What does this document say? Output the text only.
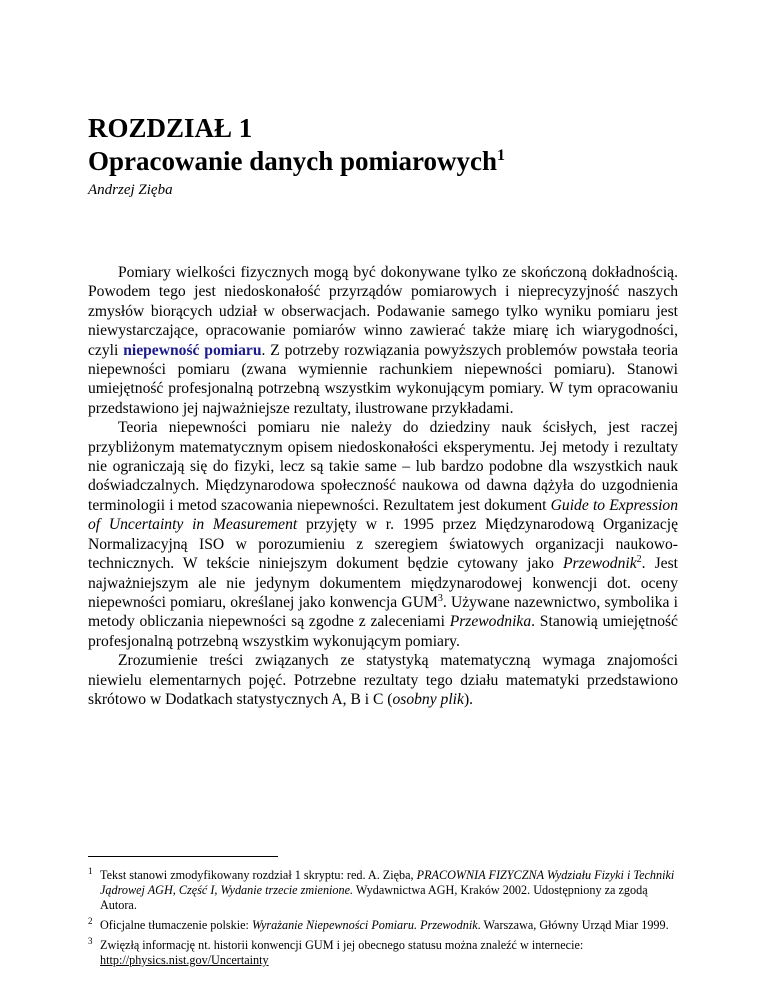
ROZDZIAŁ 1
Opracowanie danych pomiarowych$^1$
Andrzej Zięba

Pomiary wielkości fizycznych mogą być dokonywane tylko ze skończoną dokładnością. Powodem tego jest niedoskonałość przyrządów pomiarowych i nieprecyzyjność naszych zmysłów biorących udział w obserwacjach. Podawanie samego tylko wyniku pomiaru jest niewystarczające, opracowanie pomiarów winno zawierać także miarę ich wiarygodności, czyli niepewność pomiaru. Z potrzeby rozwiązania powyższych problemów powstała teoria niepewności pomiaru (zwana wymiennie rachunkiem niepewności pomiaru). Stanowi umiejętność profesjonalną potrzebną wszystkim wykonującym pomiary. W tym opracowaniu przedstawiono jej najważniejsze rezultaty, ilustrowane przykładami.

Teoria niepewności pomiaru nie należy do dziedziny nauk ścisłych, jest raczej przybliżonym matematycznym opisem niedoskonałości eksperymentu. Jej metody i rezultaty nie ograniczają się do fizyki, lecz są takie same – lub bardzo podobne dla wszystkich nauk doświadczalnych. Międzynarodowa społeczność naukowa od dawna dążyła do uzgodnienia terminologii i metod szacowania niepewności. Rezultatem jest dokument Guide to Expression of Uncertainty in Measurement przyjęty w r. 1995 przez Międzynarodową Organizację Normalizacyjną ISO w porozumieniu z szeregiem światowych organizacji naukowo-technicznych. W tekście niniejszym dokument będzie cytowany jako Przewodnik$^2$. Jest najważniejszym ale nie jedynym dokumentem międzynarodowej konwencji dot. oceny niepewności pomiaru, określanej jako konwencja GUM$^3$. Używane nazewnictwo, symbolika i metody obliczania niepewności są zgodne z zaleceniami Przewodnika. Stanowią umiejętność profesjonalną potrzebną wszystkim wykonującym pomiary.

Zrozumienie treści związanych ze statystyką matematyczną wymaga znajomości niewielu elementarnych pojęć. Potrzebne rezultaty tego działu matematyki przedstawiono skrótowo w Dodatkach statystycznych A, B i C (osobny plik).

1 Tekst stanowi zmodyfikowany rozdział 1 skryptu: red. A. Zięba, PRACOWNIA FIZYCZNA Wydziału Fizyki i Techniki Jądrowej AGH, Część I, Wydanie trzecie zmienione. Wydawnictwa AGH, Kraków 2002. Udostępniony za zgodą Autora.
2 Oficjalne tłumaczenie polskie: Wyrażanie Niepewności Pomiaru. Przewodnik. Warszawa, Główny Urząd Miar 1999.
3 Zwięzłą informację nt. historii konwencji GUM i jej obecnego statusu można znaleźć w internecie:
http://physics.nist.gov/Uncertainty
